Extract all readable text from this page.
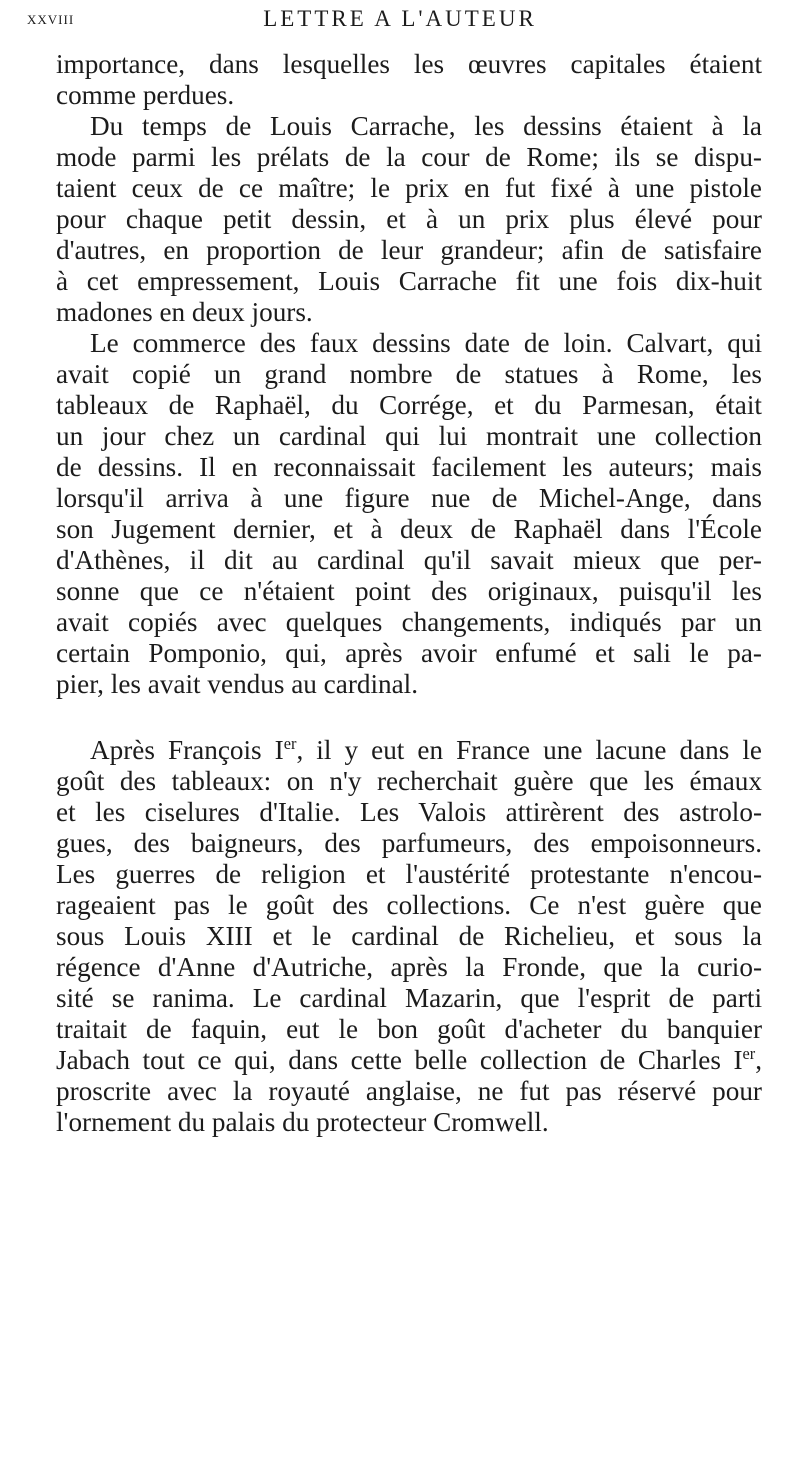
XXVIII	LETTRE A L'AUTEUR
importance, dans lesquelles les œuvres capitales étaient
comme perdues.
Du temps de Louis Carrache, les dessins étaient à la
mode parmi les prélats de la cour de Rome; ils se dispu-
taient ceux de ce maître; le prix en fut fixé à une pistole
pour chaque petit dessin, et à un prix plus élevé pour
d'autres, en proportion de leur grandeur; afin de satisfaire
à cet empressement, Louis Carrache fit une fois dix-huit
madones en deux jours.
Le commerce des faux dessins date de loin. Calvart, qui
avait copié un grand nombre de statues à Rome, les
tableaux de Raphaël, du Corrége, et du Parmesan, était
un jour chez un cardinal qui lui montrait une collection
de dessins. Il en reconnaissait facilement les auteurs; mais
lorsqu'il arriva à une figure nue de Michel-Ange, dans
son Jugement dernier, et à deux de Raphaël dans l'École
d'Athènes, il dit au cardinal qu'il savait mieux que per-
sonne que ce n'étaient point des originaux, puisqu'il les
avait copiés avec quelques changements, indiqués par un
certain Pomponio, qui, après avoir enfumé et sali le pa-
pier, les avait vendus au cardinal.
Après François Ier, il y eut en France une lacune dans le
goût des tableaux: on n'y recherchait guère que les émaux
et les ciselures d'Italie. Les Valois attirèrent des astrolo-
gues, des baigneurs, des parfumeurs, des empoisonneurs.
Les guerres de religion et l'austérité protestante n'encou-
rageaient pas le goût des collections. Ce n'est guère que
sous Louis XIII et le cardinal de Richelieu, et sous la
régence d'Anne d'Autriche, après la Fronde, que la curio-
sité se ranima. Le cardinal Mazarin, que l'esprit de parti
traitait de faquin, eut le bon goût d'acheter du banquier
Jabach tout ce qui, dans cette belle collection de Charles Ier,
proscrite avec la royauté anglaise, ne fut pas réservé pour
l'ornement du palais du protecteur Cromwell.
